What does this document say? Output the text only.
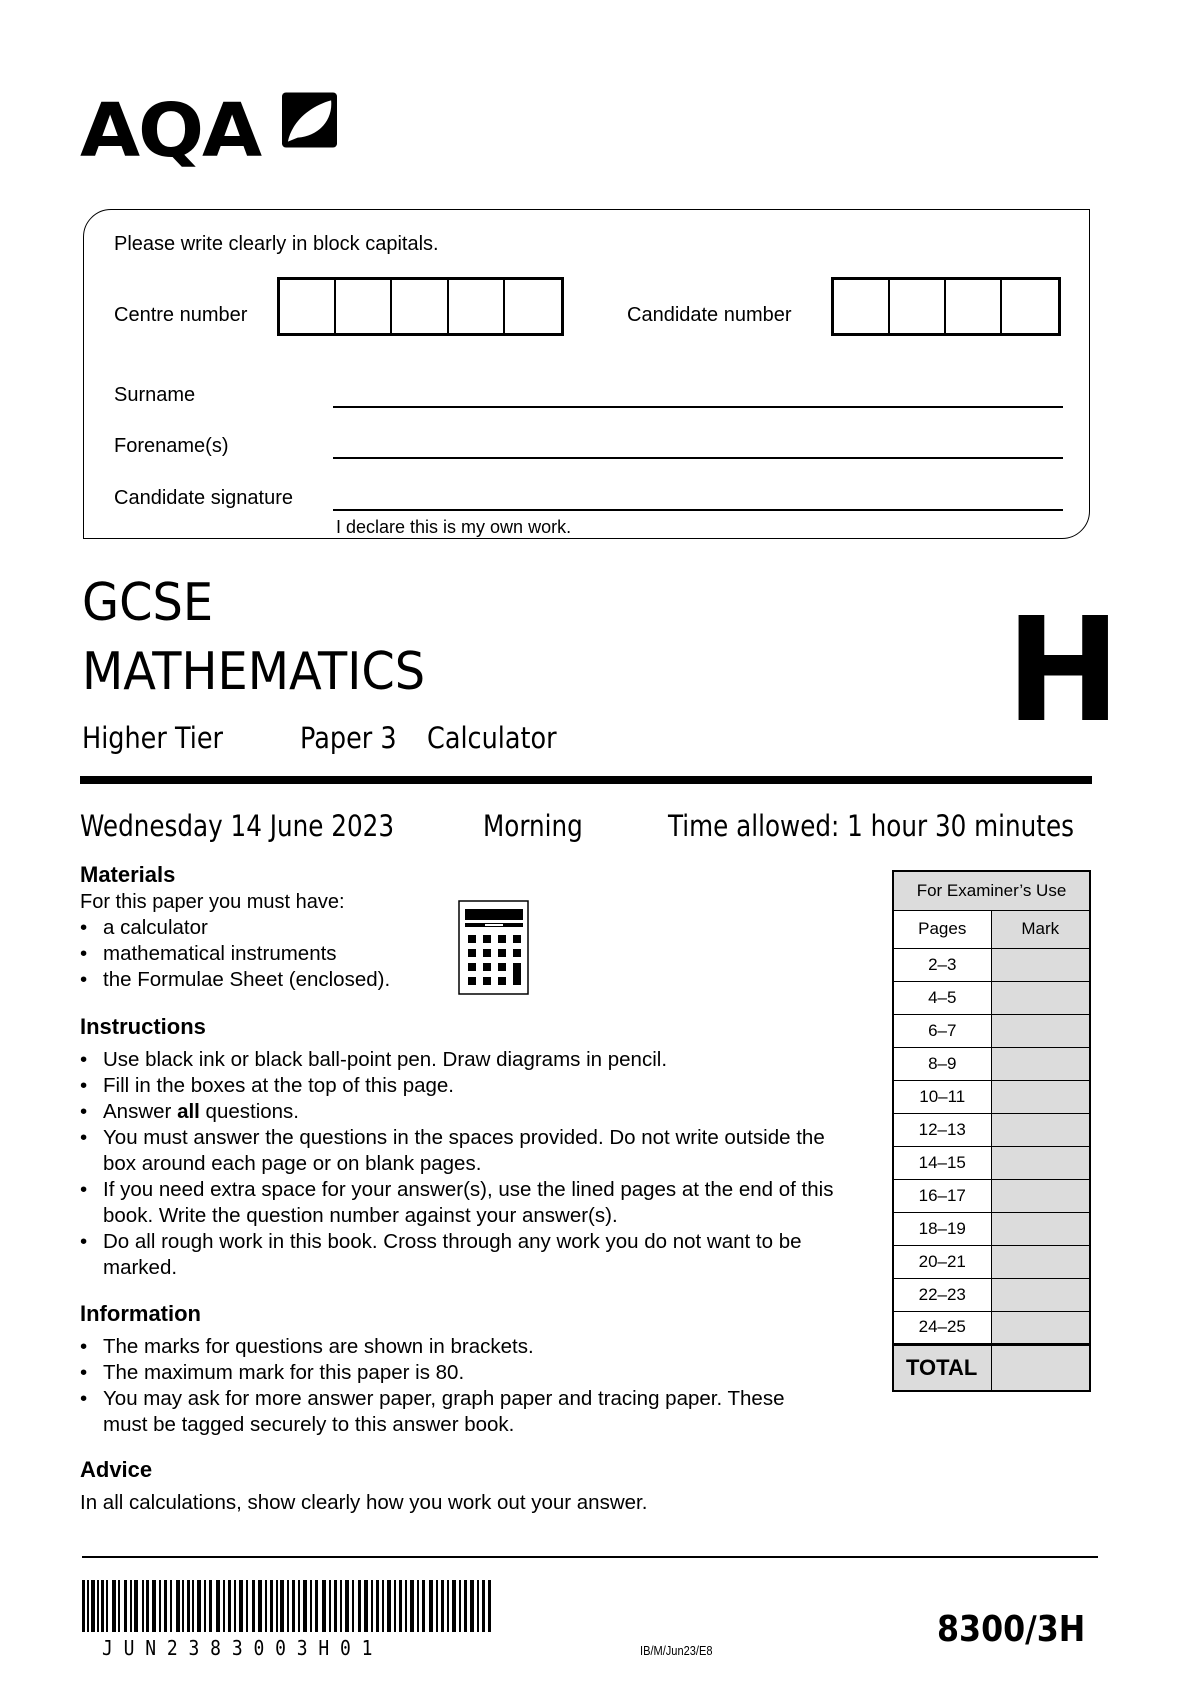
AQA
Please write clearly in block capitals.
Centre number	Candidate number
Surname
Forename(s)
Candidate signature
I declare this is my own work.
GCSE
MATHEMATICS
Higher Tier	Paper 3 Calculator	H
Wednesday 14 June 2023	Morning	Time allowed: 1 hour 30 minutes
Materials
For this paper you must have:
• a calculator
• mathematical instruments
• the Formulae Sheet (enclosed).
Instructions
• Use black ink or black ball-point pen. Draw diagrams in pencil.
• Fill in the boxes at the top of this page.
• Answer all questions.
• You must answer the questions in the spaces provided. Do not write outside the box around each page or on blank pages.
• If you need extra space for your answer(s), use the lined pages at the end of this book. Write the question number against your answer(s).
• Do all rough work in this book. Cross through any work you do not want to be marked.
Information
• The marks for questions are shown in brackets.
• The maximum mark for this paper is 80.
• You may ask for more answer paper, graph paper and tracing paper. These must be tagged securely to this answer book.
Advice
In all calculations, show clearly how you work out your answer.
For Examiner’s Use	
Pages	Mark
2–3	
4–5	
6–7	
8–9	
10–11	
12–13	
14–15	
16–17	
18–19	
20–21	
22–23	
24–25	
TOTAL	
JUN2383003H01	IB/M/Jun23/E8
8300/3H
